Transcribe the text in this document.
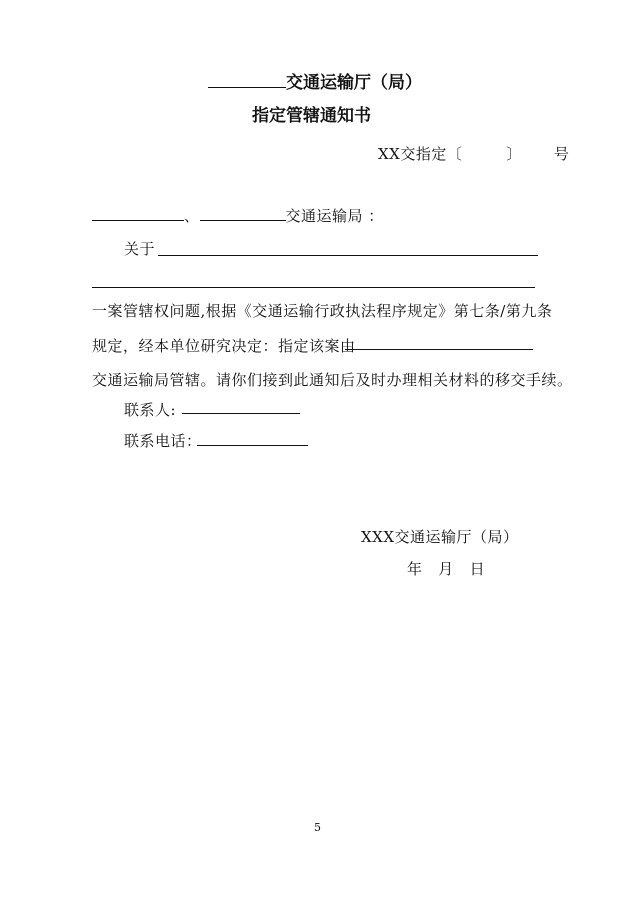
交通运输厅（局）
指定管辖通知书
XX交指定〔	〕 号
、	交通运输局 ：
关于
一案管辖权问题,根据《交通运输行政执法程序规定》第七条/第九条
规定，经本单位研究决定：指定该案由
交通运输局管辖。请你们接到此通知后及时办理相关材料的移交手续。
联系人:
联系电话：
XXX交通运输厅（局）
年   月   日
5
